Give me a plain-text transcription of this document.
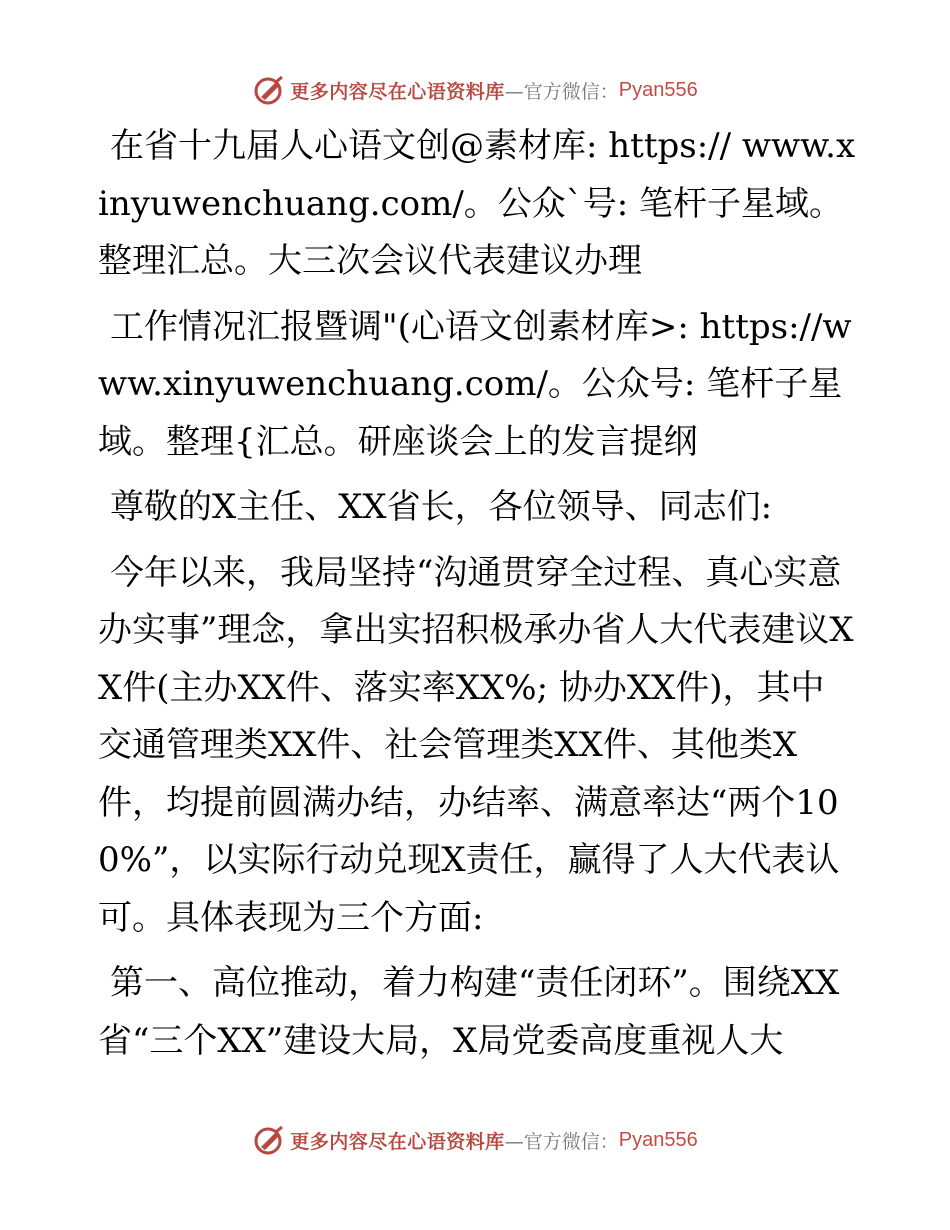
更多内容尽在心语资料库 —官方微信： Pyan556

在省十九届人心语文创@素材库: https:// www.xinyuwenchuang.com/。公众`号: 笔杆子星域。整理汇总。大三次会议代表建议办理

工作情况汇报暨调"(心语文创素材库>: https://www.xinyuwenchuang.com/。公众号: 笔杆子星域。整理{汇总。研座谈会上的发言提纲

尊敬的X主任、XX省长，各位领导、同志们:

今年以来，我局坚持“沟通贯穿全过程、真心实意办实事”理念，拿出实招积极承办省人大代表建议XX件(主办XX件、落实率XX%; 协办XX件)，其中交通管理类XX件、社会管理类XX件、其他类X件，均提前圆满办结，办结率、满意率达“两个100%”，以实际行动兑现X责任，赢得了人大代表认可。具体表现为三个方面:

第一、高位推动，着力构建“责任闭环”。围绕XX省“三个XX”建设大局，X局党委高度重视人大

更多内容尽在心语资料库 —官方微信： Pyan556
